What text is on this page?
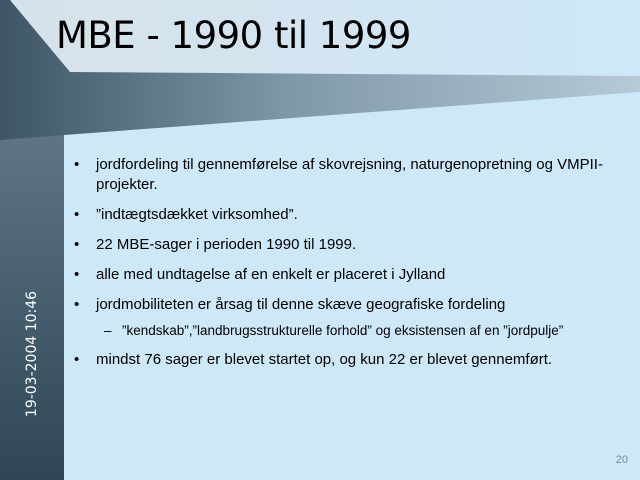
MBE - 1990 til 1999
19-03-2004 10:46
• jordfordeling til gennemførelse af skovrejsning, naturgenopretning og VMPII-projekter.
• ”indtægtsdækket virksomhed”.
• 22 MBE-sager i perioden 1990 til 1999.
• alle med undtagelse af en enkelt er placeret i Jylland
• jordmobiliteten er årsag til denne skæve geografiske fordeling
– ”kendskab”,”landbrugsstrukturelle forhold” og eksistensen af en ”jordpulje”
• mindst 76 sager er blevet startet op, og kun 22 er blevet gennemført.
20
